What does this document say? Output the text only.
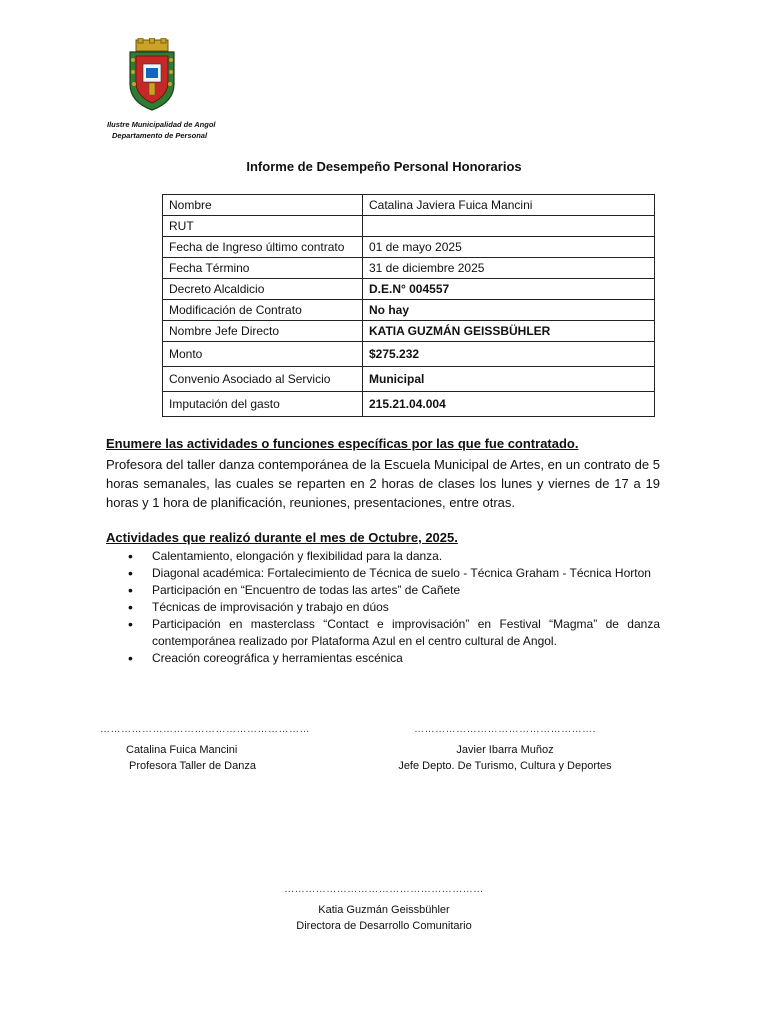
Ilustre Municipalidad de Angol
Departamento de Personal
Informe de Desempeño Personal Honorarios
Nombre	Catalina Javiera Fuica Mancini
RUT	
Fecha de Ingreso último contrato	01 de mayo 2025
Fecha Término	31 de diciembre 2025
Decreto Alcaldicio	D.E.N° 004557
Modificación de Contrato	No hay
Nombre Jefe Directo	KATIA GUZMÁN GEISSBÜHLER
Monto	$275.232
Convenio Asociado al Servicio	Municipal
Imputación del gasto	215.21.04.004
Enumere las actividades o funciones específicas por las que fue contratado.
Profesora del taller danza contemporánea de la Escuela Municipal de Artes, en un contrato de 5 horas semanales, las cuales se reparten en 2 horas de clases los lunes y viernes de 17 a 19 horas y 1 hora de planificación, reuniones, presentaciones, entre otras.
Actividades que realizó durante el mes de Octubre, 2025.
• Calentamiento, elongación y flexibilidad para la danza.
• Diagonal académica: Fortalecimiento de Técnica de suelo - Técnica Graham - Técnica Horton
• Participación en “Encuentro de todas las artes” de Cañete
• Técnicas de improvisación y trabajo en dúos
• Participación en masterclass “Contact e improvisación” en Festival “Magma” de danza contemporánea realizado por Plataforma Azul en el centro cultural de Angol.
• Creación coreográfica y herramientas escénica
……………………………………………………
Catalina Fuica Mancini
Profesora Taller de Danza
…………………………………………….
Javier Ibarra Muñoz
Jefe Depto. De Turismo, Cultura y Deportes
…………………………………………………
Katia Guzmán Geissbühler
Directora de Desarrollo Comunitario
